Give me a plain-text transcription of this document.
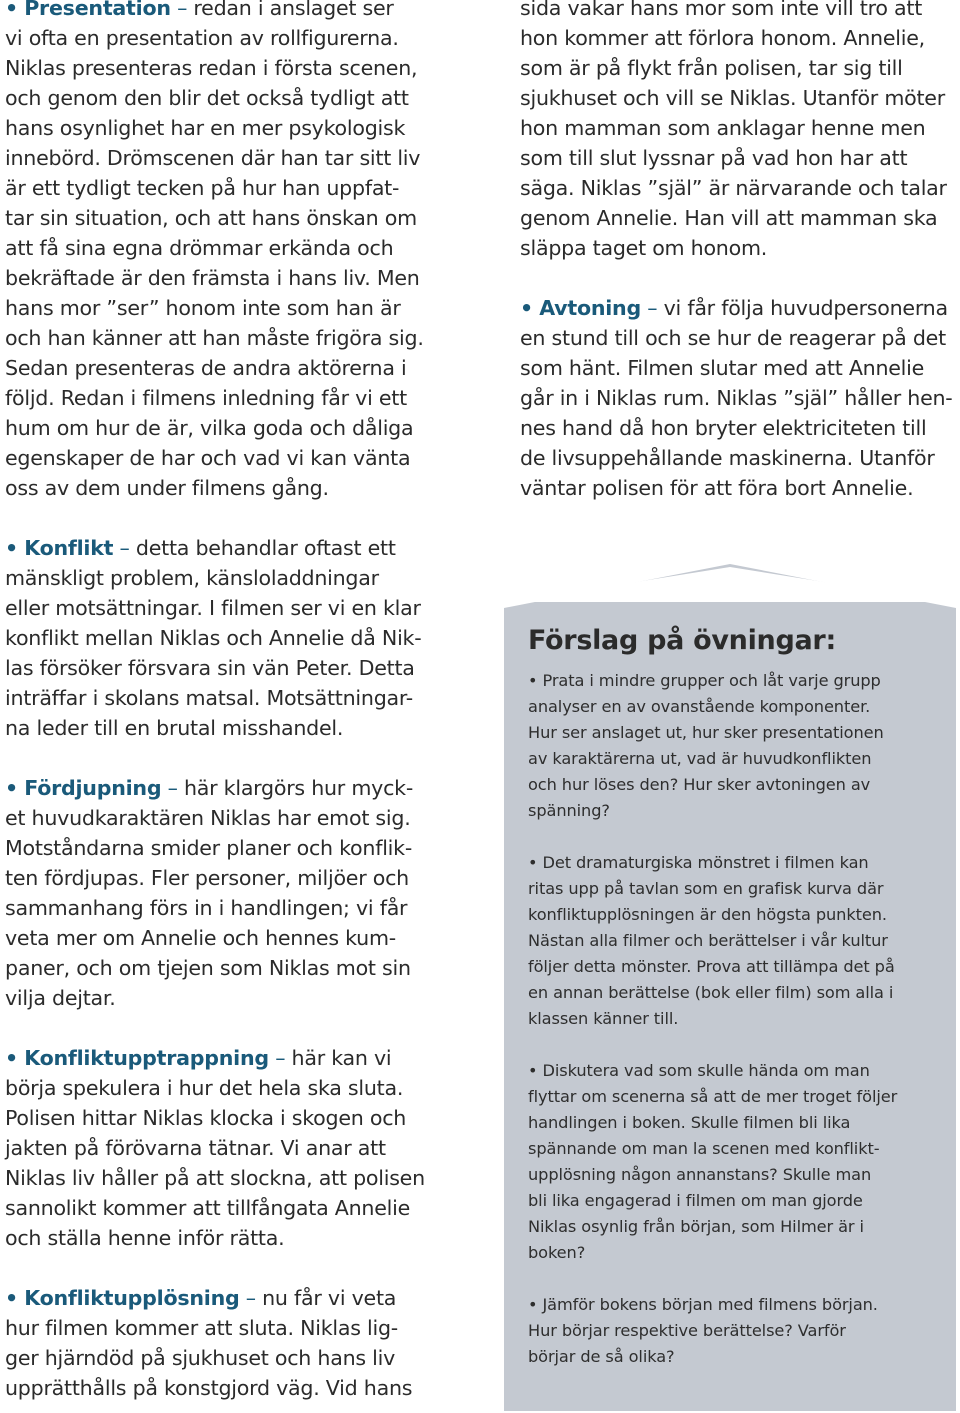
• Presentation – redan i anslaget ser
vi ofta en presentation av rollfigurerna.
Niklas presenteras redan i första scenen,
och genom den blir det också tydligt att
hans osynlighet har en mer psykologisk
innebörd. Drömscenen där han tar sitt liv
är ett tydligt tecken på hur han uppfat-
tar sin situation, och att hans önskan om
att få sina egna drömmar erkända och
bekräftade är den främsta i hans liv. Men
hans mor ”ser” honom inte som han är
och han känner att han måste frigöra sig.
Sedan presenteras de andra aktörerna i
följd. Redan i filmens inledning får vi ett
hum om hur de är, vilka goda och dåliga
egenskaper de har och vad vi kan vänta
oss av dem under filmens gång.

• Konflikt – detta behandlar oftast ett
mänskligt problem, känsloladdningar
eller motsättningar. I filmen ser vi en klar
konflikt mellan Niklas och Annelie då Nik-
las försöker försvara sin vän Peter. Detta
inträffar i skolans matsal. Motsättningar-
na leder till en brutal misshandel.

• Fördjupning – här klargörs hur myck-
et huvudkaraktären Niklas har emot sig.
Motståndarna smider planer och konflik-
ten fördjupas. Fler personer, miljöer och
sammanhang förs in i handlingen; vi får
veta mer om Annelie och hennes kum-
paner, och om tjejen som Niklas mot sin
vilja dejtar.

• Konfliktupptrappning – här kan vi
börja spekulera i hur det hela ska sluta.
Polisen hittar Niklas klocka i skogen och
jakten på förövarna tätnar. Vi anar att
Niklas liv håller på att slockna, att polisen
sannolikt kommer att tillfångata Annelie
och ställa henne inför rätta.

• Konfliktupplösning – nu får vi veta
hur filmen kommer att sluta. Niklas lig-
ger hjärndöd på sjukhuset och hans liv
upprätthålls på konstgjord väg. Vid hans

sida vakar hans mor som inte vill tro att
hon kommer att förlora honom. Annelie,
som är på flykt från polisen, tar sig till
sjukhuset och vill se Niklas. Utanför möter
hon mamman som anklagar henne men
som till slut lyssnar på vad hon har att
säga. Niklas ”själ” är närvarande och talar
genom Annelie. Han vill att mamman ska
släppa taget om honom.

• Avtoning – vi får följa huvudpersonerna
en stund till och se hur de reagerar på det
som hänt. Filmen slutar med att Annelie
går in i Niklas rum. Niklas ”själ” håller hen-
nes hand då hon bryter elektriciteten till
de livsuppehållande maskinerna. Utanför
väntar polisen för att föra bort Annelie.

Förslag på övningar:

• Prata i mindre grupper och låt varje grupp
analyser en av ovanstående komponenter.
Hur ser anslaget ut, hur sker presentationen
av karaktärerna ut, vad är huvudkonflikten
och hur löses den? Hur sker avtoningen av
spänning?

• Det dramaturgiska mönstret i filmen kan
ritas upp på tavlan som en grafisk kurva där
konfliktupplösningen är den högsta punkten.
Nästan alla filmer och berättelser i vår kultur
följer detta mönster. Prova att tillämpa det på
en annan berättelse (bok eller film) som alla i
klassen känner till.

• Diskutera vad som skulle hända om man
flyttar om scenerna så att de mer troget följer
handlingen i boken. Skulle filmen bli lika
spännande om man la scenen med konflikt-
upplösning någon annanstans? Skulle man
bli lika engagerad i filmen om man gjorde
Niklas osynlig från början, som Hilmer är i
boken?

• Jämför bokens början med filmens början.
Hur börjar respektive berättelse? Varför
börjar de så olika?
